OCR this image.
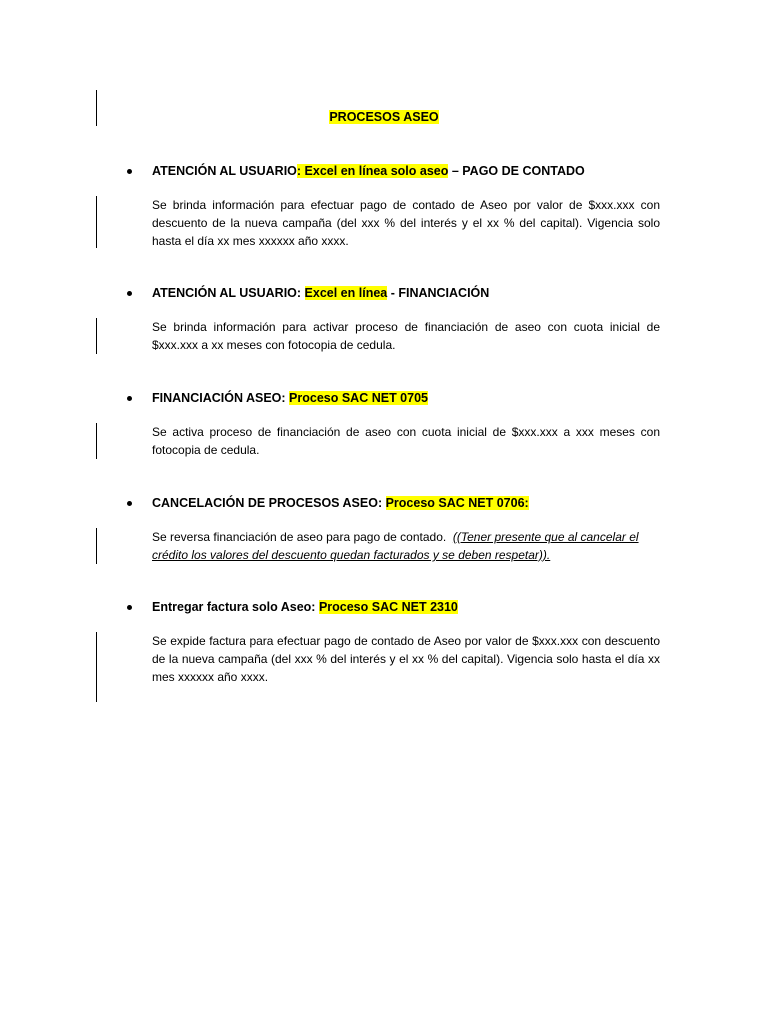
PROCESOS ASEO
ATENCIÓN AL USUARIO: Excel en línea solo aseo – PAGO DE CONTADO
Se brinda información para efectuar pago de contado de Aseo por valor de $xxx.xxx con descuento de la nueva campaña (del xxx % del interés y el xx % del capital). Vigencia solo hasta el día xx mes xxxxxx año xxxx.
ATENCIÓN AL USUARIO: Excel en línea - FINANCIACIÓN
Se brinda información para activar proceso de financiación de aseo con cuota inicial de $xxx.xxx a xx meses con fotocopia de cedula.
FINANCIACIÓN ASEO: Proceso SAC NET 0705
Se activa proceso de financiación de aseo con cuota inicial de $xxx.xxx a xxx meses con fotocopia de cedula.
CANCELACIÓN DE PROCESOS ASEO: Proceso SAC NET 0706:
Se reversa financiación de aseo para pago de contado.  ((Tener presente que al cancelar el crédito los valores del descuento quedan facturados y se deben respetar)).
Entregar factura solo Aseo: Proceso SAC NET 2310
Se expide factura para efectuar pago de contado de Aseo por valor de $xxx.xxx con descuento de la nueva campaña (del xxx % del interés y el xx % del capital). Vigencia solo hasta el día xx mes xxxxxx año xxxx.
